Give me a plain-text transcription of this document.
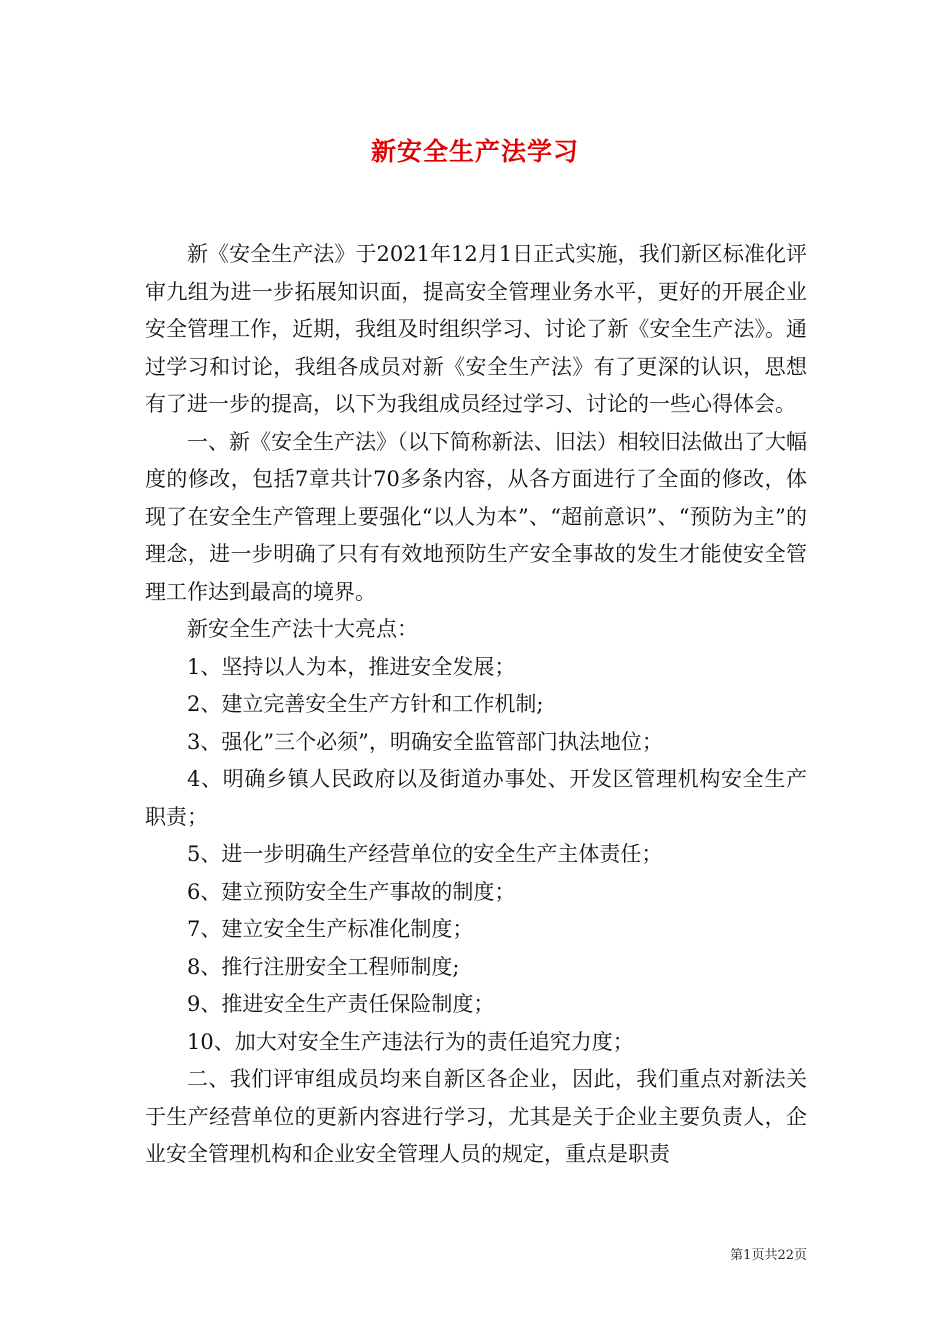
新安全生产法学习

新《安全生产法》于2021年12月1日正式实施，我们新区标准化评审九组为进一步拓展知识面，提高安全管理业务水平，更好的开展企业安全管理工作，近期，我组及时组织学习、讨论了新《安全生产法》。通过学习和讨论，我组各成员对新《安全生产法》有了更深的认识，思想有了进一步的提高，以下为我组成员经过学习、讨论的一些心得体会。

一、新《安全生产法》（以下简称新法、旧法）相较旧法做出了大幅度的修改，包括7章共计70多条内容，从各方面进行了全面的修改，体现了在安全生产管理上要强化“以人为本”、“超前意识”、“预防为主”的理念，进一步明确了只有有效地预防生产安全事故的发生才能使安全管理工作达到最高的境界。

新安全生产法十大亮点：

1、坚持以人为本，推进安全发展；

2、建立完善安全生产方针和工作机制;

3、强化”三个必须”，明确安全监管部门执法地位；

4、明确乡镇人民政府以及街道办事处、开发区管理机构安全生产职责；

5、进一步明确生产经营单位的安全生产主体责任；

6、建立预防安全生产事故的制度；

7、建立安全生产标准化制度；

8、推行注册安全工程师制度;

9、推进安全生产责任保险制度；

10、加大对安全生产违法行为的责任追究力度；

二、我们评审组成员均来自新区各企业，因此，我们重点对新法关于生产经营单位的更新内容进行学习，尤其是关于企业主要负责人，企业安全管理机构和企业安全管理人员的规定，重点是职责

第1页共22页
